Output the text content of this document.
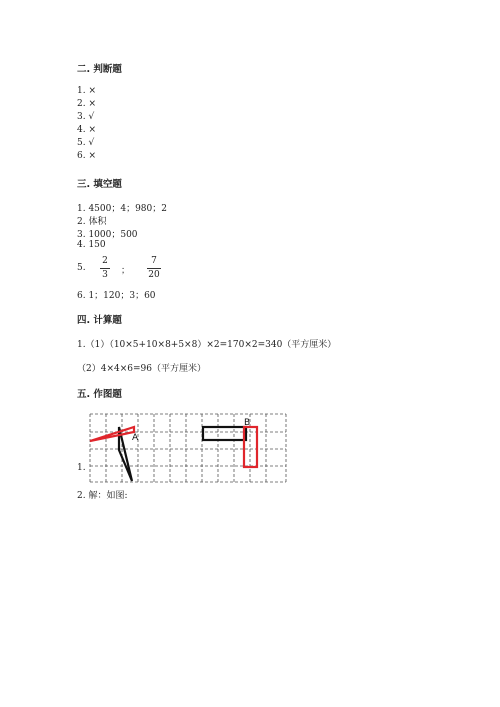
二. 判断题
1. ×
2. ×
3. √
4. ×
5. √
6. ×
三. 填空题
1. 4500；4；980；2
2. 体积
3. 1000；500
4. 150
5.
2
3 ；
7
20
6. 1；120；3；60
四. 计算题
1.（1）（10×5+10×8+5×8）×2=170×2=340（平方厘米）
（2）4×4×6=96（平方厘米）
五. 作图题
A
B
1.
2. 解：如图:
